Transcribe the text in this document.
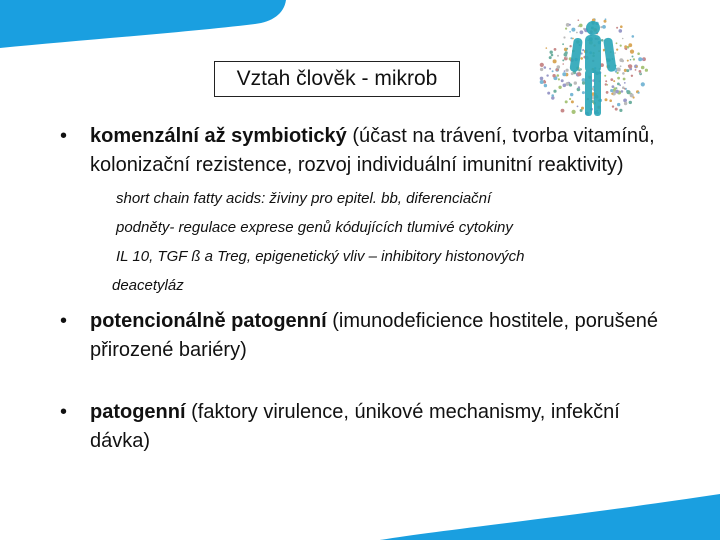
Vztah člověk - mikrob
• komenzální až symbiotický (účast na trávení, tvorba vitamínů, kolonizační rezistence, rozvoj individuální imunitní reaktivity)
short chain fatty acids: živiny pro epitel. bb, diferenciační
podněty- regulace exprese genů kódujících tlumivé cytokiny
IL 10, TGF ß a Treg, epigenetický vliv – inhibitory histonových
deacetyláz
• potencionálně patogenní (imunodeficience hostitele, porušené přirozené bariéry)
• patogenní (faktory virulence, únikové mechanismy, infekční dávka)
